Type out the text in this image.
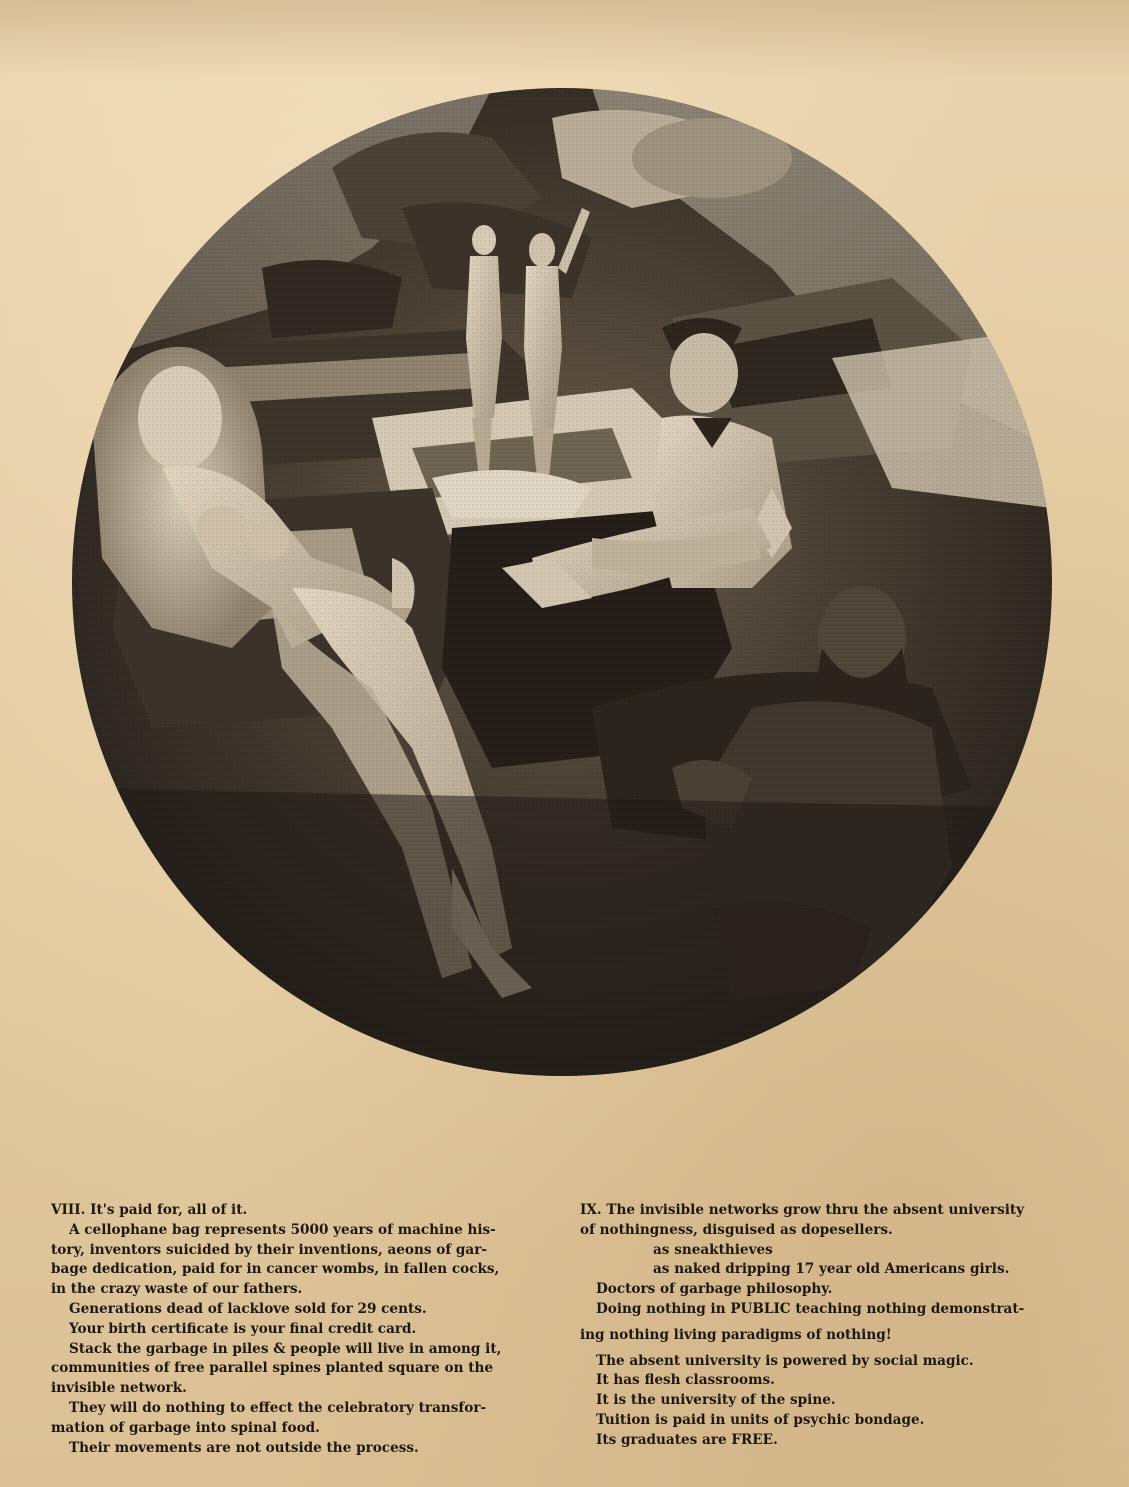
VIII. It's paid for, all of it.

A cellophane bag represents 5000 years of machine his-

tory, inventors suicided by their inventions, aeons of gar-

bage dedication, paid for in cancer wombs, in fallen cocks,

in the crazy waste of our fathers.

Generations dead of lacklove sold for 29 cents.

Your birth certificate is your final credit card.

Stack the garbage in piles & people will live in among it,

communities of free parallel spines planted square on the

invisible network.

They will do nothing to effect the celebratory transfor-

mation of garbage into spinal food.

Their movements are not outside the process.

IX. The invisible networks grow thru the absent university

of nothingness, disguised as dopesellers.

as sneakthieves

as naked dripping 17 year old Americans girls.

Doctors of garbage philosophy.

Doing nothing in PUBLIC teaching nothing demonstrat-

ing nothing living paradigms of nothing!

The absent university is powered by social magic.

It has flesh classrooms.

It is the university of the spine.

Tuition is paid in units of psychic bondage.

Its graduates are FREE.
